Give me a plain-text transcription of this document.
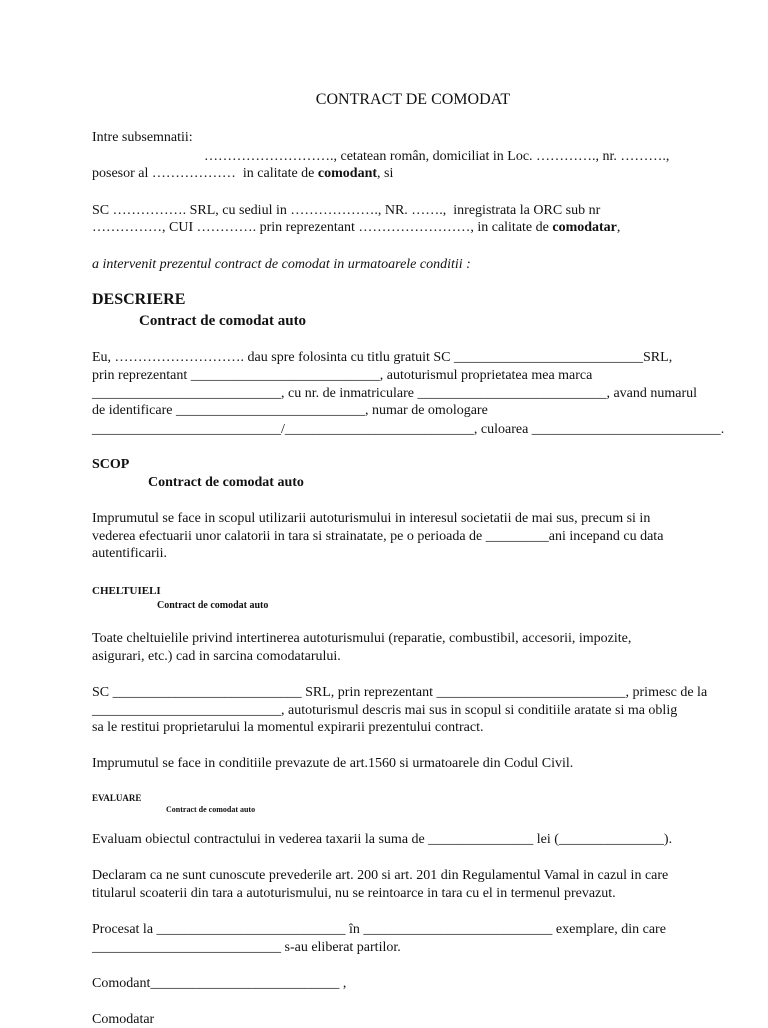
CONTRACT DE COMODAT
Intre subsemnatii:
………………………., cetatean român, domiciliat in Loc. …………., nr. ……….,
posesor al ………………  in calitate de comodant, si
SC ……………. SRL, cu sediul in ………………., NR. …….,  inregistrata la ORC sub nr
……………, CUI …………. prin reprezentant ……………………, in calitate de comodatar,
a intervenit prezentul contract de comodat in urmatoarele conditii :
DESCRIERE
Contract de comodat auto
Eu, ………………………. dau spre folosinta cu titlu gratuit SC ___________________________SRL,
prin reprezentant ___________________________, autoturismul proprietatea mea marca
___________________________, cu nr. de inmatriculare ___________________________, avand numarul
de identificare ___________________________, numar de omologare
___________________________/___________________________, culoarea ___________________________.
SCOP
Contract de comodat auto
Imprumutul se face in scopul utilizarii autoturismului in interesul societatii de mai sus, precum si in
vederea efectuarii unor calatorii in tara si strainatate, pe o perioada de _________ani incepand cu data
autentificarii.
CHELTUIELI
Contract de comodat auto
Toate cheltuielile privind intertinerea autoturismului (reparatie, combustibil, accesorii, impozite,
asigurari, etc.) cad in sarcina comodatarului.
SC ___________________________ SRL, prin reprezentant ___________________________, primesc de la
___________________________, autoturismul descris mai sus in scopul si conditiile aratate si ma oblig
sa le restitui proprietarului la momentul expirarii prezentului contract.
Imprumutul se face in conditiile prevazute de art.1560 si urmatoarele din Codul Civil.
EVALUARE
Contract de comodat auto
Evaluam obiectul contractului in vederea taxarii la suma de _______________ lei (_______________).
Declaram ca ne sunt cunoscute prevederile art. 200 si art. 201 din Regulamentul Vamal in cazul in care
titularul scoaterii din tara a autoturismului, nu se reintoarce in tara cu el in termenul prevazut.
Procesat la ___________________________ în ___________________________ exemplare, din care
___________________________ s-au eliberat partilor.
Comodant___________________________ ,
Comodatar
